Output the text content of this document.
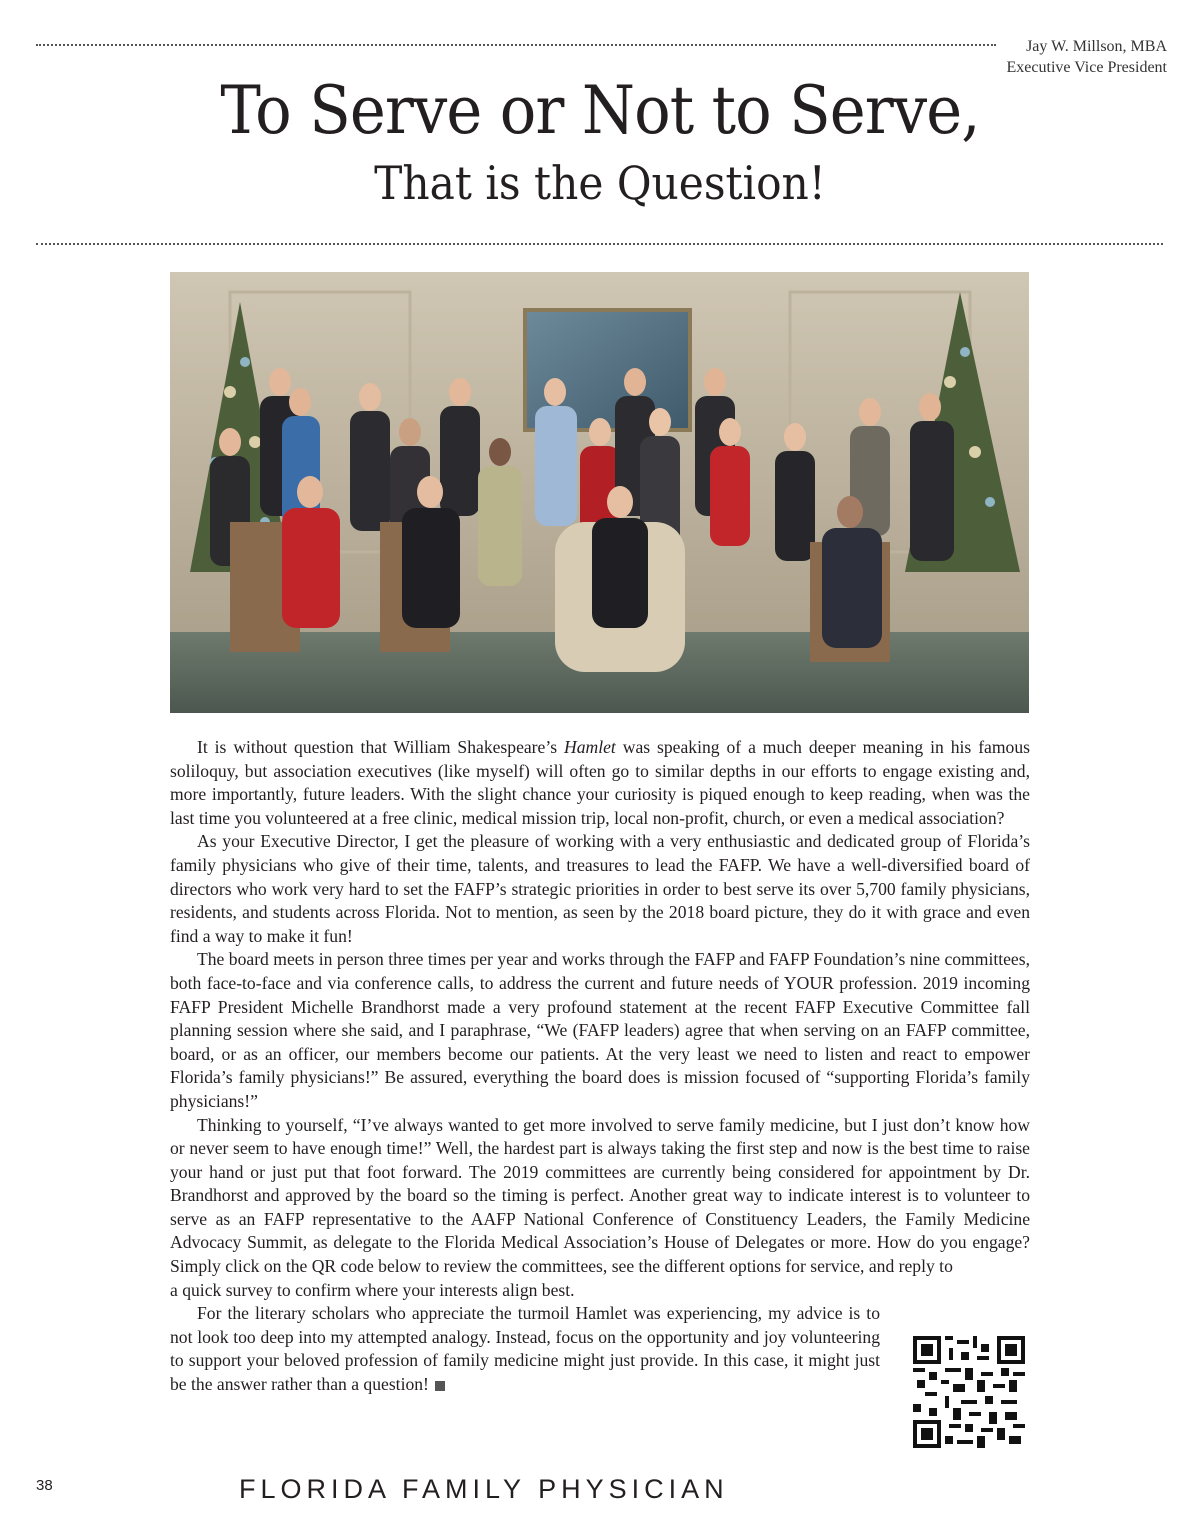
Jay W. Millson, MBA
Executive Vice President
To Serve or Not to Serve,
That is the Question!

It is without question that William Shakespeare’s Hamlet was speaking of a much deeper meaning in his famous soliloquy, but association executives (like myself) will often go to similar depths in our efforts to engage existing and, more importantly, future leaders. With the slight chance your curiosity is piqued enough to keep reading, when was the last time you volunteered at a free clinic, medical mission trip, local non-profit, church, or even a medical association?

As your Executive Director, I get the pleasure of working with a very enthusiastic and dedicated group of Florida’s family physicians who give of their time, talents, and treasures to lead the FAFP. We have a well-diversified board of directors who work very hard to set the FAFP’s strategic priorities in order to best serve its over 5,700 family physicians, residents, and students across Florida. Not to mention, as seen by the 2018 board picture, they do it with grace and even find a way to make it fun!

The board meets in person three times per year and works through the FAFP and FAFP Foundation’s nine committees, both face-to-face and via conference calls, to address the current and future needs of YOUR profession. 2019 incoming FAFP President Michelle Brandhorst made a very profound statement at the recent FAFP Executive Committee fall planning session where she said, and I paraphrase, “We (FAFP leaders) agree that when serving on an FAFP committee, board, or as an officer, our members become our patients. At the very least we need to listen and react to empower Florida’s family physicians!” Be assured, everything the board does is mission focused of “supporting Florida’s family physicians!”

Thinking to yourself, “I’ve always wanted to get more involved to serve family medicine, but I just don’t know how or never seem to have enough time!” Well, the hardest part is always taking the first step and now is the best time to raise your hand or just put that foot forward. The 2019 committees are currently being considered for appointment by Dr. Brandhorst and approved by the board so the timing is perfect. Another great way to indicate interest is to volunteer to serve as an FAFP representative to the AAFP National Conference of Constituency Leaders, the Family Medicine Advocacy Summit, as delegate to the Florida Medical Association’s House of Delegates or more. How do you engage? Simply click on the QR code below to review the committees, see the different options for service, and reply to

a quick survey to confirm where your interests align best.

For the literary scholars who appreciate the turmoil Hamlet was experiencing, my advice is to not look too deep into my attempted analogy. Instead, focus on the opportunity and joy volunteering to support your beloved profession of family medicine might just provide. In this case, it might just be the answer rather than a question!

38	FLORIDA FAMILY PHYSICIAN
